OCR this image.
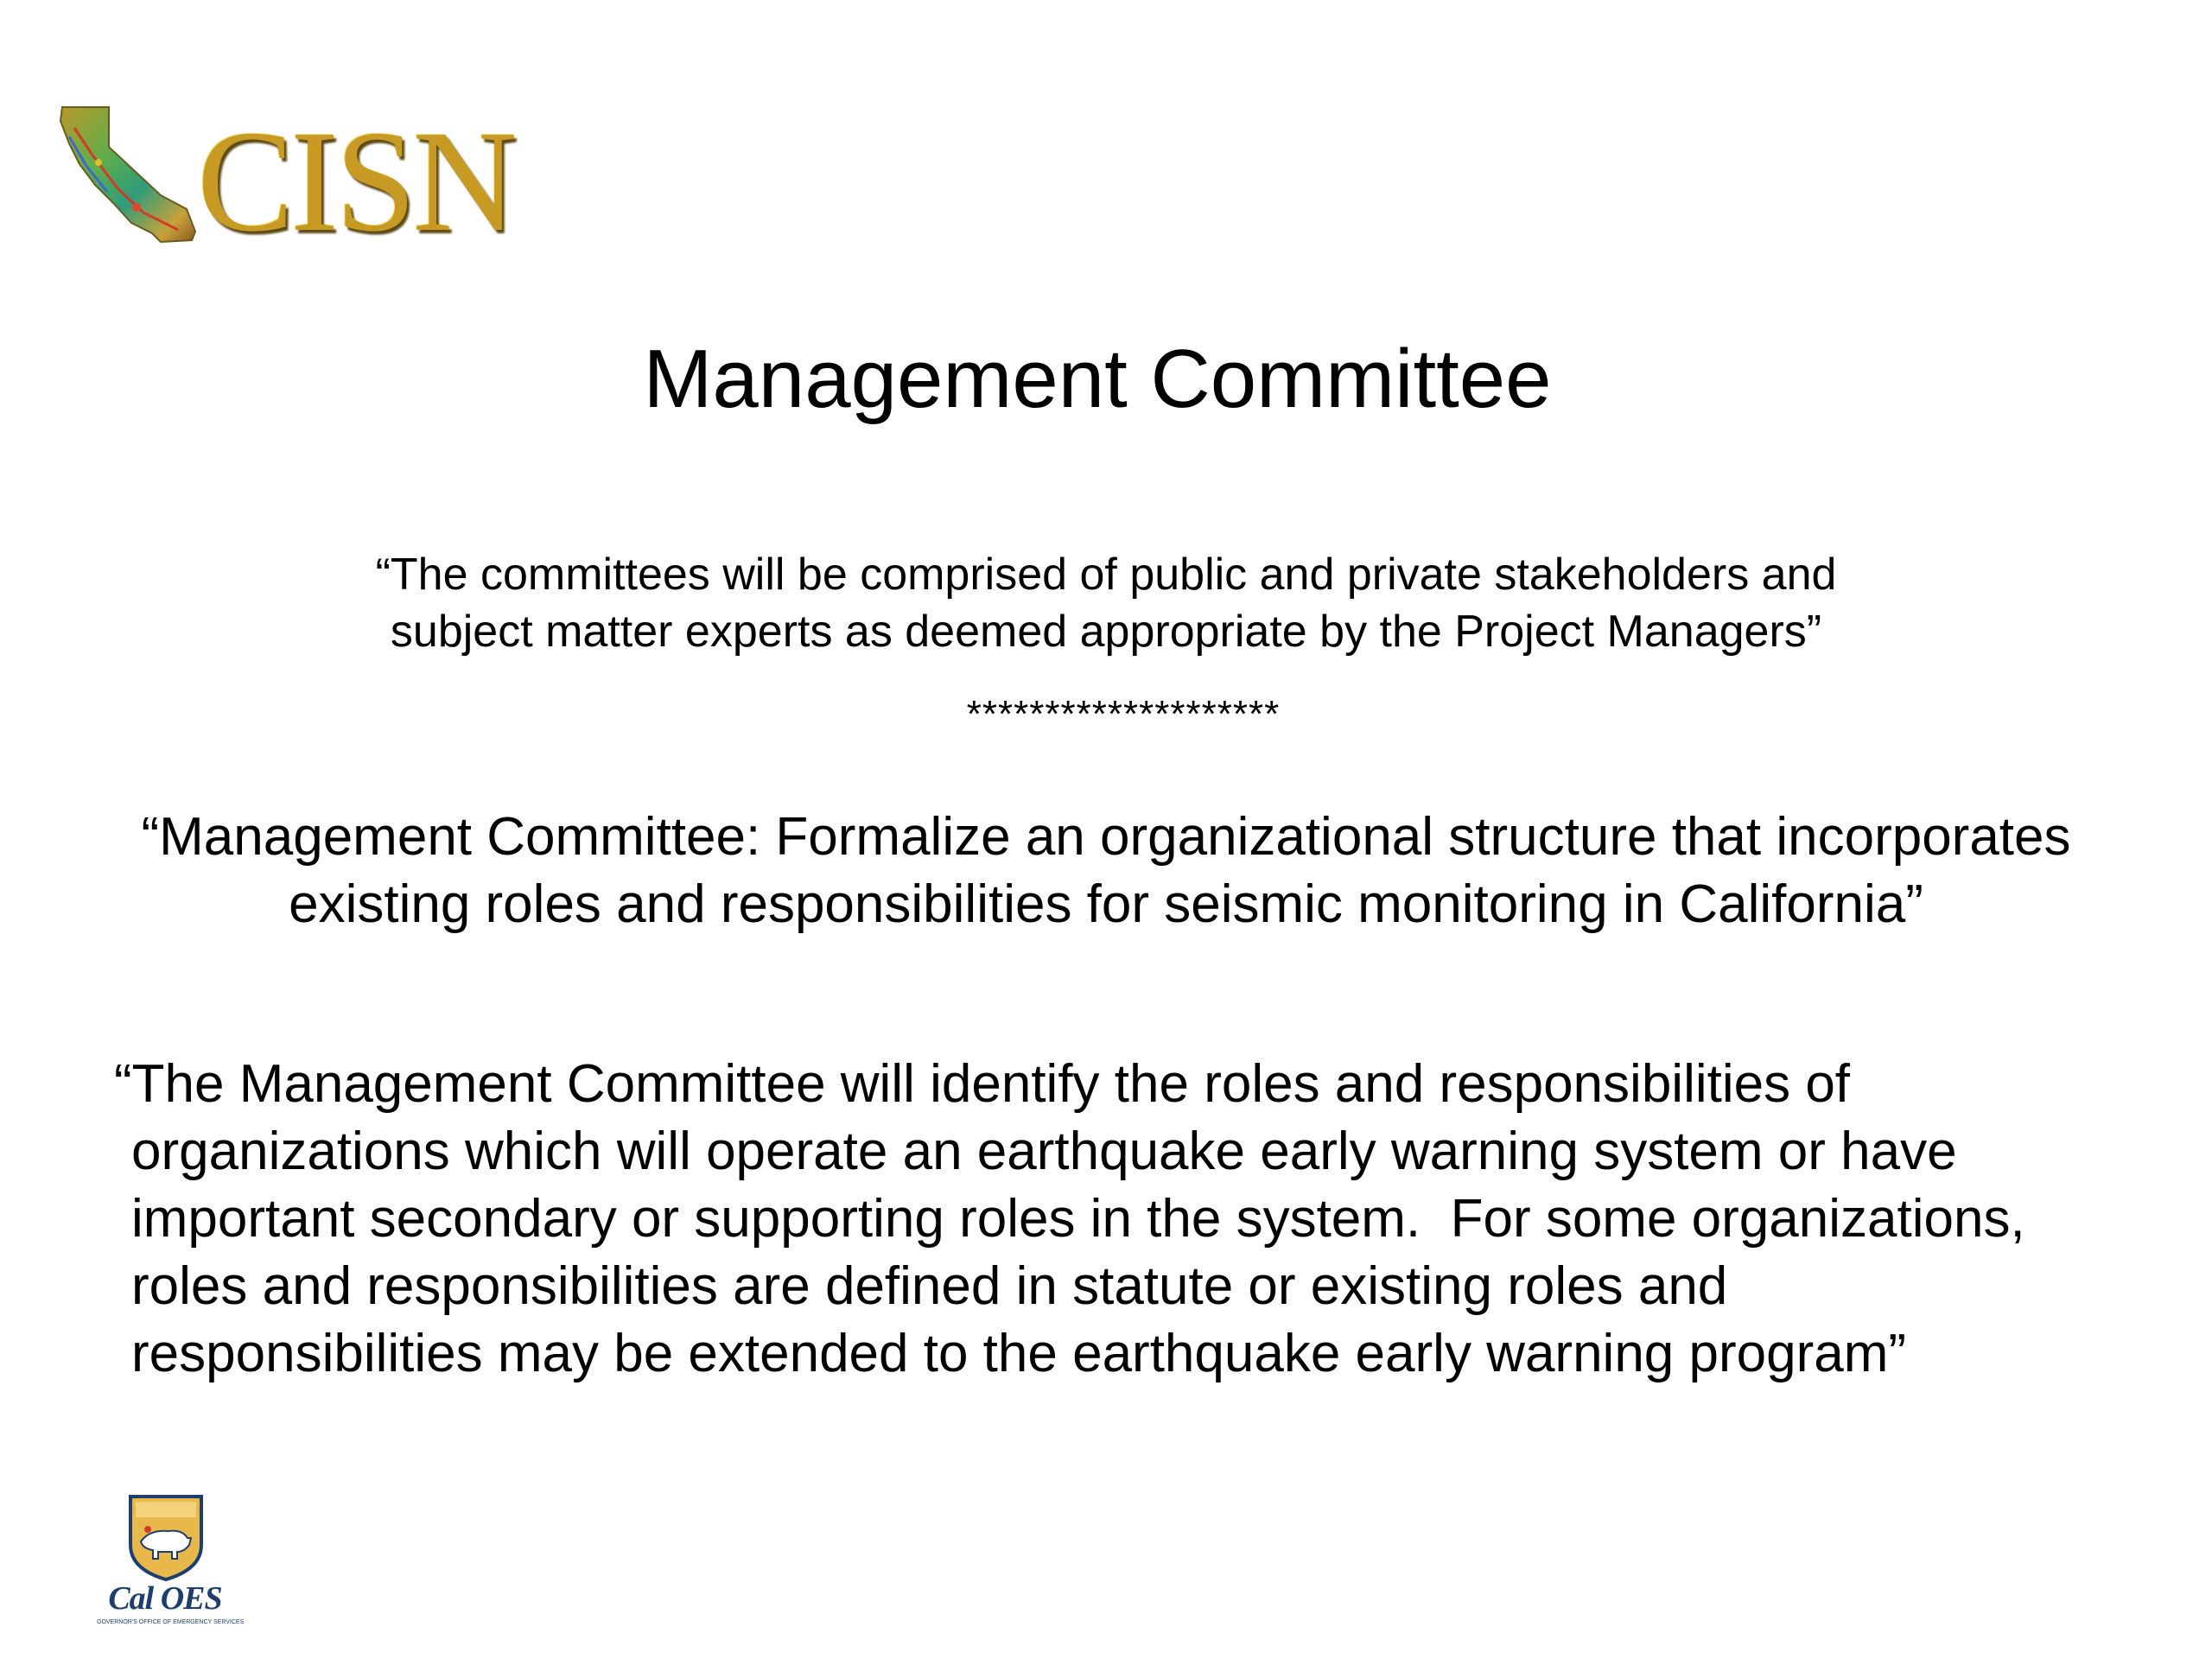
CISN
Management Committee
“The committees will be comprised of public and private stakeholders and
subject matter experts as deemed appropriate by the Project Managers”
********************
“Management Committee: Formalize an organizational structure that incorporates
existing roles and responsibilities for seismic monitoring in California”
“The Management Committee will identify the roles and responsibilities of
organizations which will operate an earthquake early warning system or have
important secondary or supporting roles in the system.  For some organizations,
roles and responsibilities are defined in statute or existing roles and
responsibilities may be extended to the earthquake early warning program”
Cal OES
GOVERNOR'S OFFICE OF EMERGENCY SERVICES
